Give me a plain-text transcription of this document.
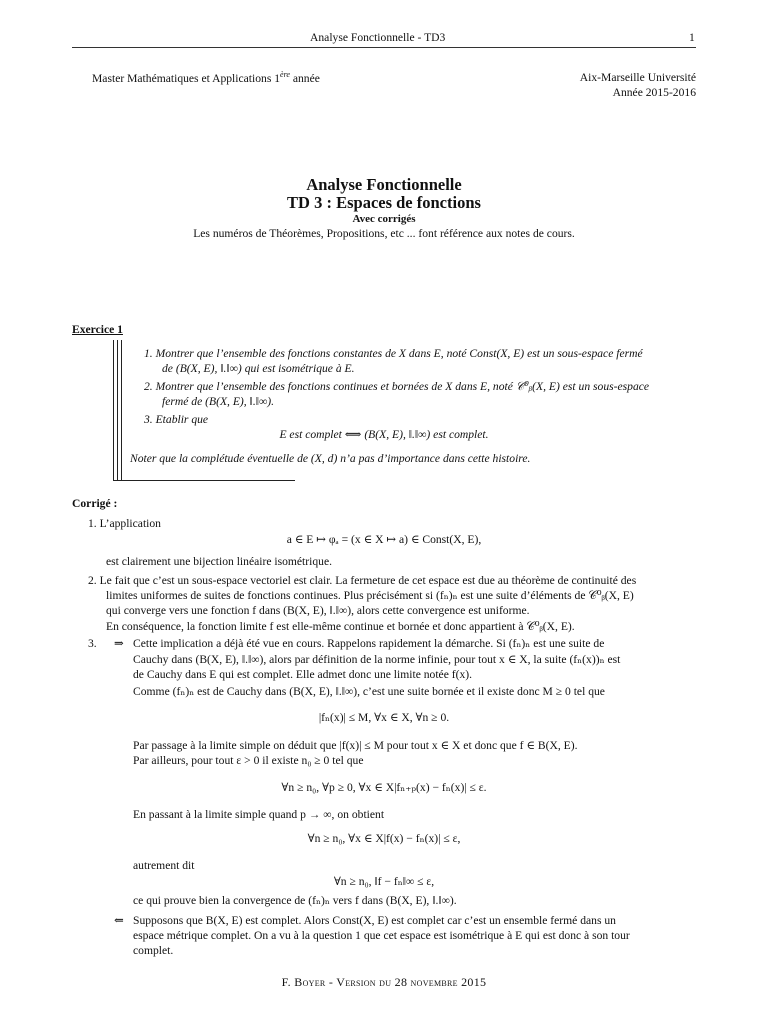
Analyse Fonctionnelle - TD3	1
Master Mathématiques et Applications 1ère année	Aix-Marseille Université
Année 2015-2016
Analyse Fonctionnelle
TD 3 : Espaces de fonctions
Avec corrigés
Les numéros de Théorèmes, Propositions, etc ... font référence aux notes de cours.
Exercice 1
1. Montrer que l’ensemble des fonctions constantes de X dans E, noté Const(X, E) est un sous-espace fermé
de (B(X, E), ‖.‖∞) qui est isométrique à E.
2. Montrer que l’ensemble des fonctions continues et bornées de X dans E, noté 𝒞⁰ᵦ(X, E) est un sous-espace
fermé de (B(X, E), ‖.‖∞).
3. Etablir que
E est complet ⟺ (B(X, E), ‖.‖∞) est complet.
Noter que la complétude éventuelle de (X, d) n’a pas d’importance dans cette histoire.
Corrigé :
1. L’application
a ∈ E ↦ φₐ = (x ∈ X ↦ a) ∈ Const(X, E),
est clairement une bijection linéaire isométrique.
2. Le fait que c’est un sous-espace vectoriel est clair. La fermeture de cet espace est due au théorème de continuité des
limites uniformes de suites de fonctions continues. Plus précisément si (fₙ)ₙ est une suite d’éléments de 𝒞⁰ᵦ(X, E)
qui converge vers une fonction f dans (B(X, E), ‖.‖∞), alors cette convergence est uniforme.
En conséquence, la fonction limite f est elle-même continue et bornée et donc appartient à 𝒞⁰ᵦ(X, E).
3. ⇒ Cette implication a déjà été vue en cours. Rappelons rapidement la démarche. Si (fₙ)ₙ est une suite de
Cauchy dans (B(X, E), ‖.‖∞), alors par définition de la norme infinie, pour tout x ∈ X, la suite (fₙ(x))ₙ est
de Cauchy dans E qui est complet. Elle admet donc une limite notée f(x).
Comme (fₙ)ₙ est de Cauchy dans (B(X, E), ‖.‖∞), c’est une suite bornée et il existe donc M ≥ 0 tel que
|fₙ(x)| ≤ M, ∀x ∈ X, ∀n ≥ 0.
Par passage à la limite simple on déduit que |f(x)| ≤ M pour tout x ∈ X et donc que f ∈ B(X, E).
Par ailleurs, pour tout ε > 0 il existe n₀ ≥ 0 tel que
∀n ≥ n₀, ∀p ≥ 0, ∀x ∈ X|fₙ₊ₚ(x) − fₙ(x)| ≤ ε.
En passant à la limite simple quand p → ∞, on obtient
∀n ≥ n₀, ∀x ∈ X|f(x) − fₙ(x)| ≤ ε,
autrement dit
∀n ≥ n₀, ‖f − fₙ‖∞ ≤ ε,
ce qui prouve bien la convergence de (fₙ)ₙ vers f dans (B(X, E), ‖.‖∞).
⇐ Supposons que B(X, E) est complet. Alors Const(X, E) est complet car c’est un ensemble fermé dans un
espace métrique complet. On a vu à la question 1 que cet espace est isométrique à E qui est donc à son tour
complet.
F. Boyer - Version du 28 novembre 2015
